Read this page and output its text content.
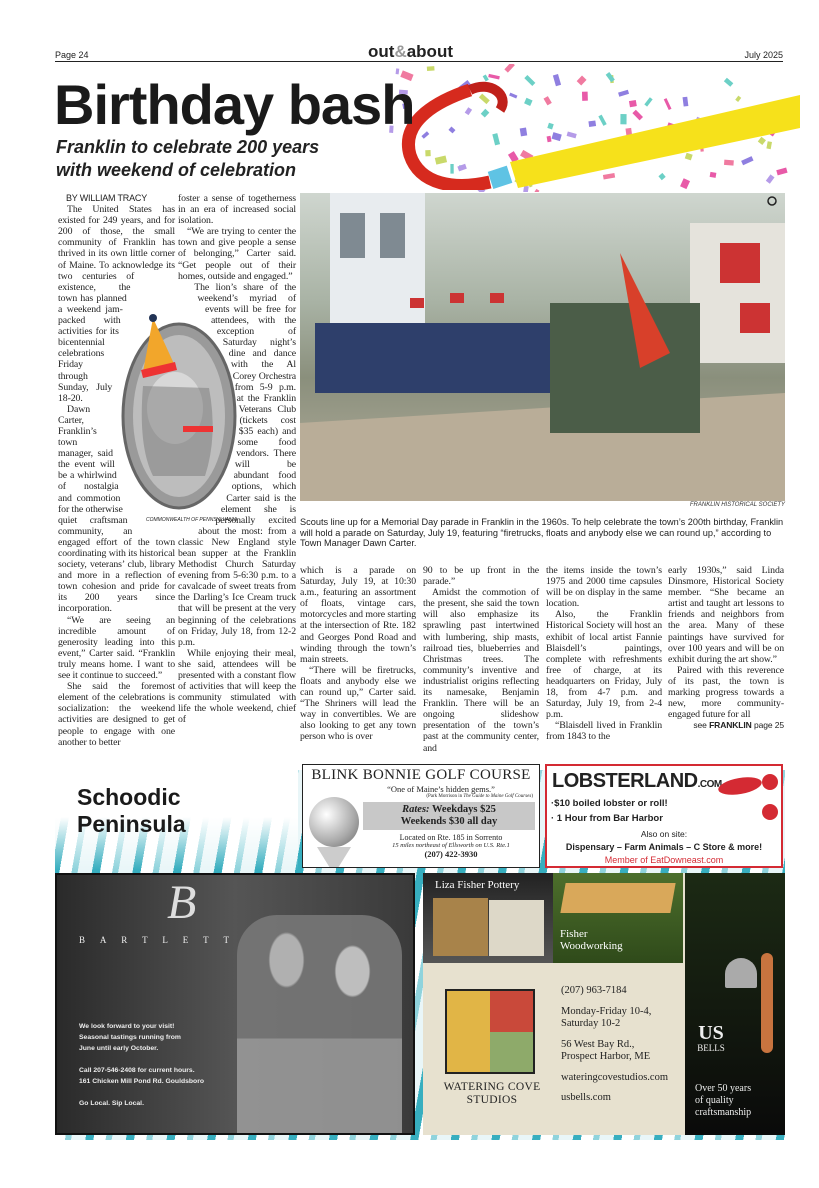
Page 24	out&about	July 2025
Birthday bash
Franklin to celebrate 200 years
with weekend of celebration
COMMONWEALTH OF PENNSYLVANIA

BY WILLIAM TRACY

The United States has existed for 249 years, and for 200 of those, the small community of Franklin has thrived in its own little corner of Maine. To acknowledge its two centuries of existence, the town has planned a weekend jam-packed with activities for its bicentennial celebrations Friday through Sunday, July 18-20.

Dawn Carter, Franklin’s town manager, said the event will be a whirlwind of nostalgia and commotion for the otherwise quiet craftsman community, an engaged effort of the town coordinating with its historical society, veterans’ club, library and more in a reflection of town cohesion and pride for its 200 years since incorporation.

“We are seeing an incredible amount of generosity leading into this event,” Carter said. “Franklin truly means home. I want to see it continue to succeed.”

She said the foremost element of the celebrations is socialization: the weekend activities are designed to get people to engage with one another to better

foster a sense of togetherness in an era of increased social isolation.

“We are trying to center the town and give people a sense of belonging,” Carter said. “Get people out of their homes, outside and engaged.”

The lion’s share of the weekend’s myriad of events will be free for attendees, with the exception of Saturday night’s dine and dance with the Al Corey Orchestra from 5-9 p.m. at the Franklin Veterans Club (tickets cost $35 each) and some food vendors. There will be abundant food options, which Carter said is the element she is personally excited about the most: from a classic New England style bean supper at the Franklin Methodist Church Saturday evening from 5-6:30 p.m. to a cavalcade of sweet treats from the Darling’s Ice Cream truck that will be present at the very beginning of the celebrations on Friday, July 18, from 12-2 p.m.

While enjoying their meal, she said, attendees will be presented with a constant flow of activities that will keep the community stimulated with life the whole weekend, chief of

FRANKLIN HISTORICAL SOCIETY
Scouts line up for a Memorial Day parade in Franklin in the 1960s. To help celebrate the town’s 200th birthday, Franklin will hold a parade on Saturday, July 19, featuring “firetrucks, floats and anybody else we can round up,” according to Town Manager Dawn Carter.

which is a parade on Saturday, July 19, at 10:30 a.m., featuring an assortment of floats, vintage cars, motorcycles and more starting at the intersection of Rte. 182 and Georges Pond Road and winding through the town’s main streets.

“There will be firetrucks, floats and anybody else we can round up,” Carter said. “The Shriners will lead the way in convertibles. We are also looking to get any town person who is over

90 to be up front in the parade.”

Amidst the commotion of the present, she said the town will also emphasize its sprawling past intertwined with lumbering, ship masts, railroad ties, blueberries and Christmas trees. The community’s inventive and industrialist origins reflecting its namesake, Benjamin Franklin. There will be an ongoing slideshow presentation of the town’s past at the community center, and

the items inside the town’s 1975 and 2000 time capsules will be on display in the same location.

Also, the Franklin Historical Society will host an exhibit of local artist Fannie Blaisdell’s paintings, complete with refreshments free of charge, at its headquarters on Friday, July 18, from 4-7 p.m. and Saturday, July 19, from 2-4 p.m.

“Blaisdell lived in Franklin from 1843 to the

early 1930s,” said Linda Dinsmore, Historical Society member. “She became an artist and taught art lessons to friends and neighbors from the area. Many of these paintings have survived for over 100 years and will be on exhibit during the art show.”

Paired with this reverence of its past, the town is marking progress towards a new, more community-engaged future for all

see FRANKLIN page 25

Schoodic
Peninsula
BLINK BONNIE GOLF COURSE
“One of Maine’s hidden gems.”
(Park Morrison in The Guide to Maine Golf Courses)
Rates: Weekdays $25
Weekends $30 all day
Located on Rte. 185 in Sorrento
15 miles northeast of Ellsworth on U.S. Rte.1
(207) 422-3930
LOBSTERLAND.COM
·$10 boiled lobster or roll!
· 1 Hour from Bar Harbor
Also on site:
Dispensary – Farm Animals – C Store & more!
Member of EatDowneast.com
B
B A R T L E T T
We look forward to your visit!
Seasonal tastings running from
June until early October.
Call 207-546-2408 for current hours.
161 Chicken Mill Pond Rd. Gouldsboro
Go Local. Sip Local.
Liza Fisher Pottery
Fisher
Woodworking
US
BELLS
Over 50 years
of quality
craftsmanship
WATERING COVE
STUDIOS
(207) 963-7184
Monday-Friday 10-4,
Saturday 10-2
56 West Bay Rd.,
Prospect Harbor, ME
wateringcovestudios.com
usbells.com
